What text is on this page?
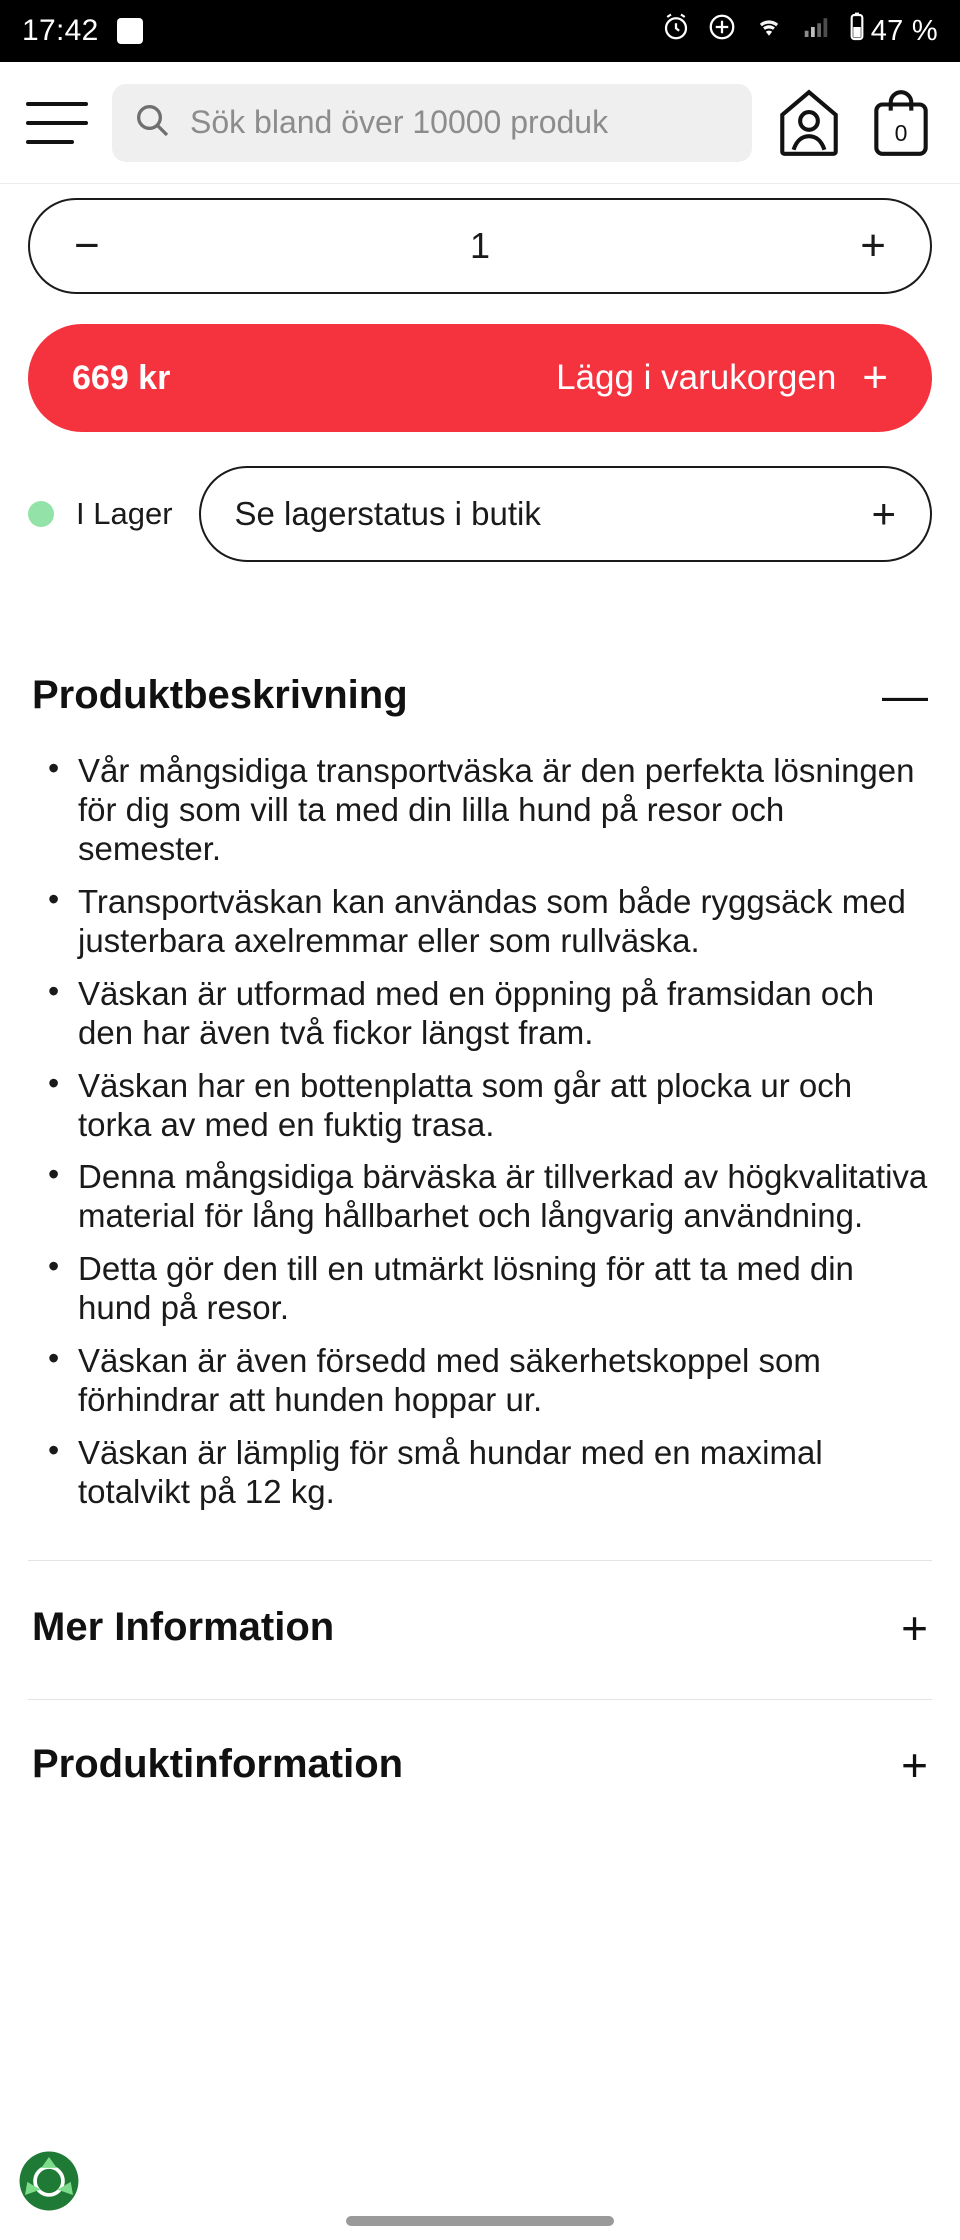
17:42	47 %
Sök bland över 10000 produk	0
−	1	+
669 kr	Lägg i varukorgen +
I Lager Se lagerstatus i butik	+
Produktbeskrivning	—
• Vår mångsidiga transportväska är den perfekta lösningen för dig som vill ta med din lilla hund på resor och semester.
• Transportväskan kan användas som både ryggsäck med justerbara axelremmar eller som rullväska.
• Väskan är utformad med en öppning på framsidan och den har även två fickor längst fram.
• Väskan har en bottenplatta som går att plocka ur och torka av med en fuktig trasa.
• Denna mångsidiga bärväska är tillverkad av högkvalitativa material för lång hållbarhet och långvarig användning.
• Detta gör den till en utmärkt lösning för att ta med din hund på resor.
• Väskan är även försedd med säkerhetskoppel som förhindrar att hunden hoppar ur.
• Väskan är lämplig för små hundar med en maximal totalvikt på 12 kg.
Mer Information	+
Produktinformation	+
